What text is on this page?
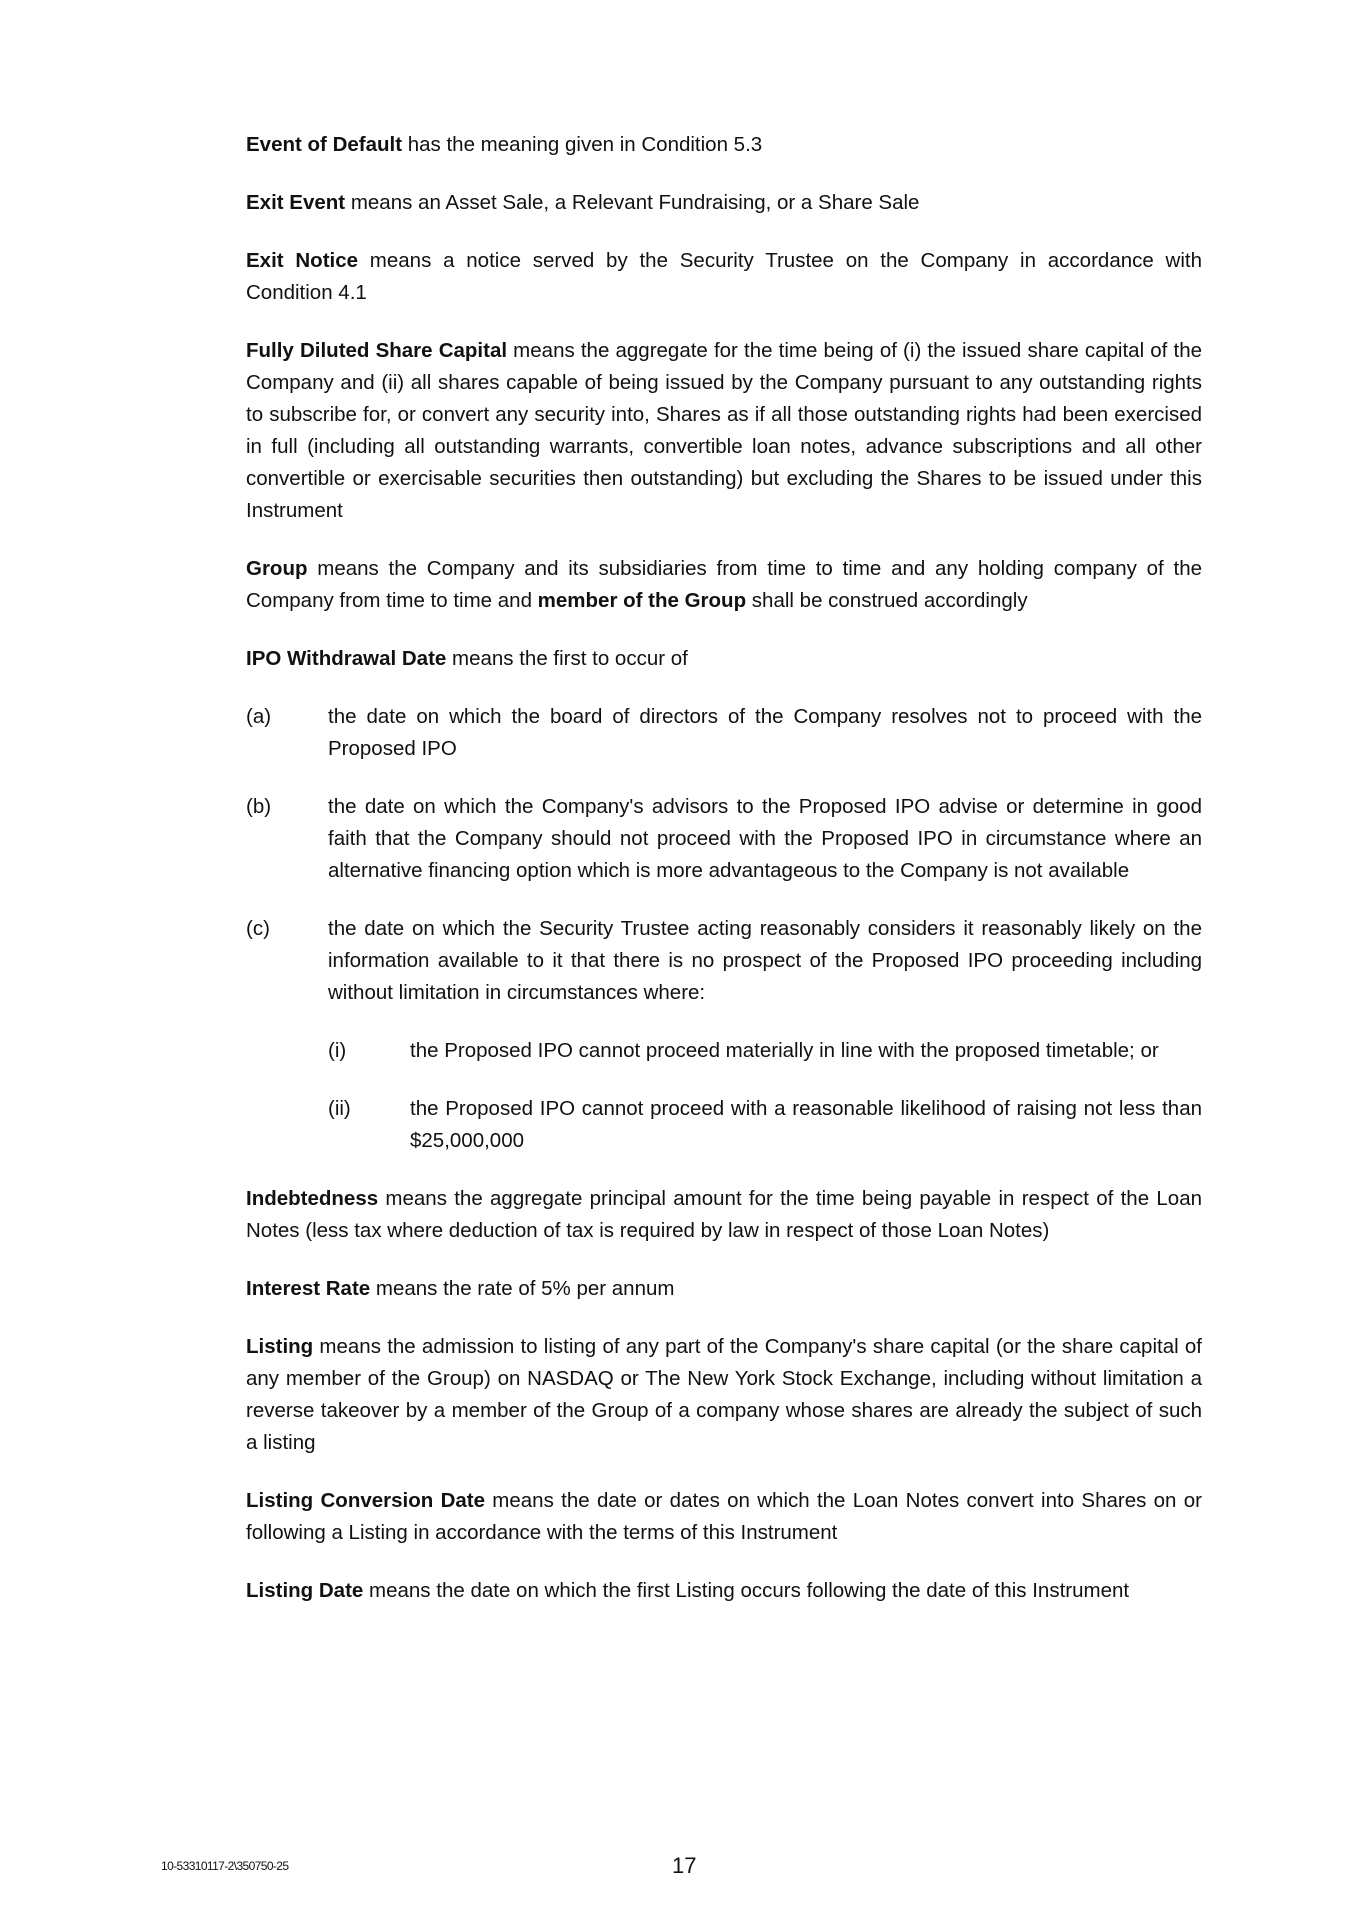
Event of Default has the meaning given in Condition 5.3

Exit Event means an Asset Sale, a Relevant Fundraising, or a Share Sale

Exit Notice means a notice served by the Security Trustee on the Company in accordance with Condition 4.1

Fully Diluted Share Capital means the aggregate for the time being of (i) the issued share capital of the Company and (ii) all shares capable of being issued by the Company pursuant to any outstanding rights to subscribe for, or convert any security into, Shares as if all those outstanding rights had been exercised in full (including all outstanding warrants, convertible loan notes, advance subscriptions and all other convertible or exercisable securities then outstanding) but excluding the Shares to be issued under this Instrument

Group means the Company and its subsidiaries from time to time and any holding company of the Company from time to time and member of the Group shall be construed accordingly

IPO Withdrawal Date means the first to occur of

(a)	the date on which the board of directors of the Company resolves not to proceed with the Proposed IPO
(b)	the date on which the Company's advisors to the Proposed IPO advise or determine in good faith that the Company should not proceed with the Proposed IPO in circumstance where an alternative financing option which is more advantageous to the Company is not available
(c)	the date on which the Security Trustee acting reasonably considers it reasonably likely on the information available to it that there is no prospect of the Proposed IPO proceeding including without limitation in circumstances where:
(i)	the Proposed IPO cannot proceed materially in line with the proposed timetable; or
(ii)	the Proposed IPO cannot proceed with a reasonable likelihood of raising not less than $25,000,000

Indebtedness means the aggregate principal amount for the time being payable in respect of the Loan Notes (less tax where deduction of tax is required by law in respect of those Loan Notes)

Interest Rate means the rate of 5% per annum

Listing means the admission to listing of any part of the Company's share capital (or the share capital of any member of the Group) on NASDAQ or The New York Stock Exchange, including without limitation a reverse takeover by a member of the Group of a company whose shares are already the subject of such a listing

Listing Conversion Date means the date or dates on which the Loan Notes convert into Shares on or following a Listing in accordance with the terms of this Instrument

Listing Date means the date on which the first Listing occurs following the date of this Instrument

10-53310117-2\350750-25	17
